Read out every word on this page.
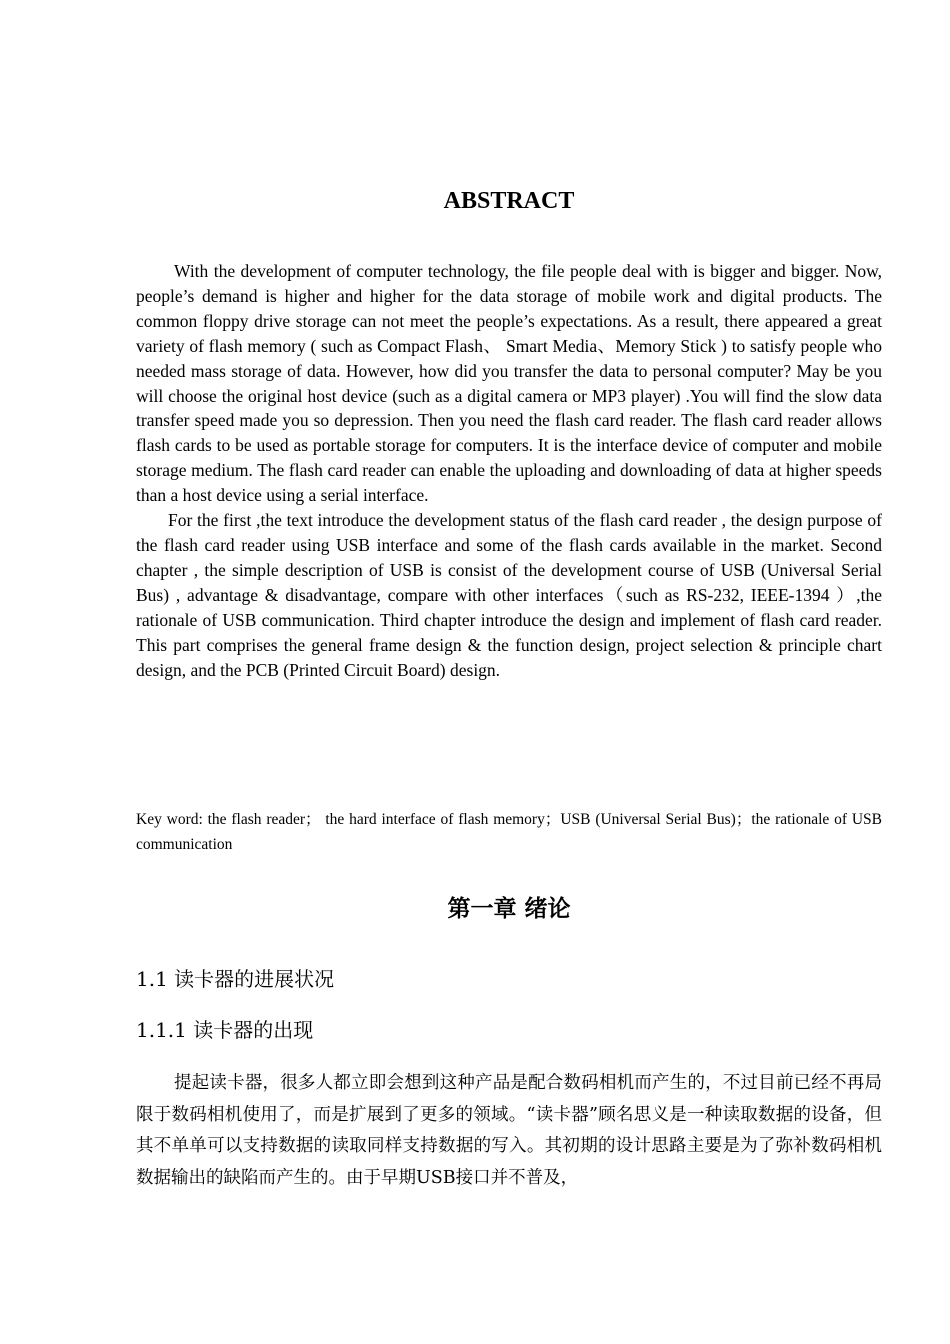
ABSTRACT

With the development of computer technology, the file people deal with is bigger and bigger. Now, people’s demand is higher and higher for the data storage of mobile work and digital products. The common floppy drive storage can not meet the people’s expectations. As a result, there appeared a great variety of flash memory ( such as Compact Flash、 Smart Media、Memory Stick ) to satisfy people who needed mass storage of data. However, how did you transfer the data to personal computer? May be you will choose the original host device (such as a digital camera or MP3 player) .You will find the slow data transfer speed made you so depression. Then you need the flash card reader. The flash card reader allows flash cards to be used as portable storage for computers. It is the interface device of computer and mobile storage medium. The flash card reader can enable the uploading and downloading of data at higher speeds than a host device using a serial interface.

For the first ,the text introduce the development status of the flash card reader , the design purpose of the flash card reader using USB interface and some of the flash cards available in the market. Second chapter , the simple description of USB is consist of the development course of USB (Universal Serial Bus) , advantage & disadvantage, compare with other interfaces（such as RS-232, IEEE-1394 ）,the rationale of USB communication. Third chapter introduce the design and implement of flash card reader. This part comprises the general frame design & the function design, project selection & principle chart design, and the PCB (Printed Circuit Board) design.

Key word: the flash reader； the hard interface of flash memory；USB (Universal Serial Bus)；the rationale of USB communication

第一章 绪论
1.1 读卡器的进展状况
1.1.1 读卡器的出现

提起读卡器，很多人都立即会想到这种产品是配合数码相机而产生的，不过目前已经不再局限于数码相机使用了，而是扩展到了更多的领域。“读卡器”顾名思义是一种读取数据的设备，但其不单单可以支持数据的读取同样支持数据的写入。其初期的设计思路主要是为了弥补数码相机数据输出的缺陷而产生的。由于早期USB接口并不普及，
